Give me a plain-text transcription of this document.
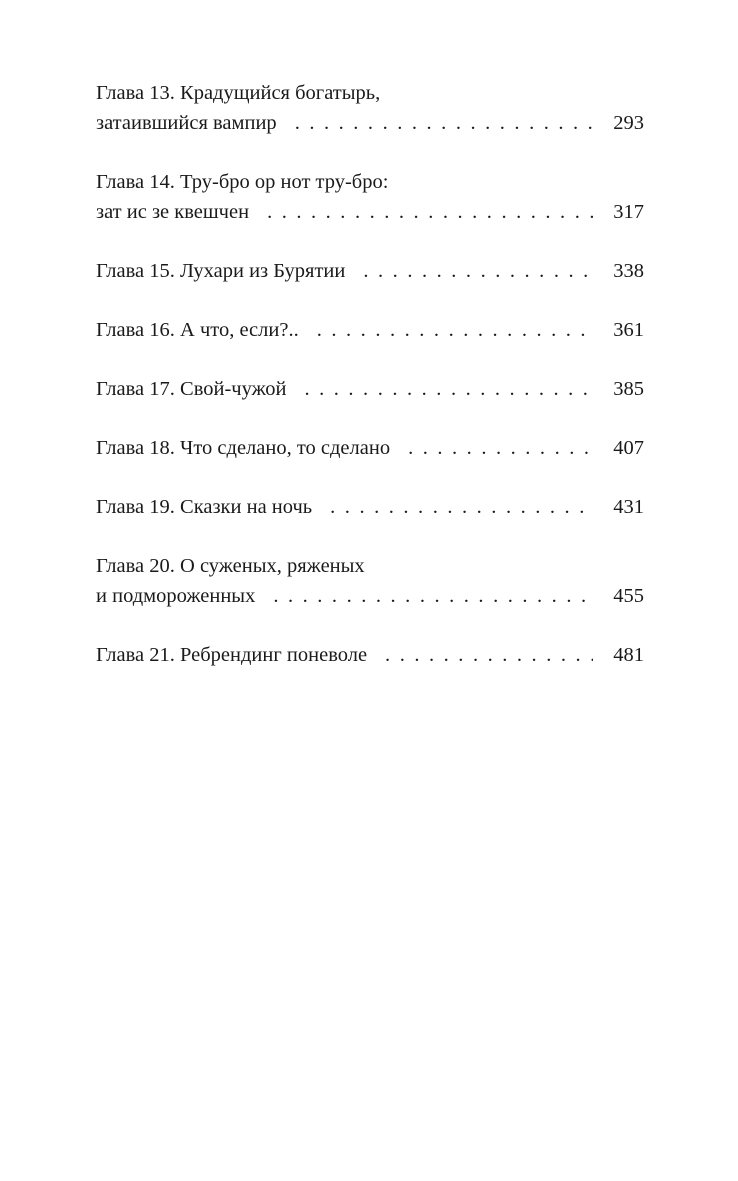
Глава 13. Крадущийся богатырь,
затаившийся вампир . . .	293
Глава 14. Тру-бро ор нот тру-бро:
зат ис зе квешчен . . .	317
Глава 15. Лухари из Бурятии . . .	338
Глава 16. А что, если?.. . . .	361
Глава 17. Свой-чужой . . .	385
Глава 18. Что сделано, то сделано . . .	407
Глава 19. Сказки на ночь . . .	431
Глава 20. О суженых, ряженых
и подмороженных . . .	455
Глава 21. Ребрендинг поневоле . . .	481
